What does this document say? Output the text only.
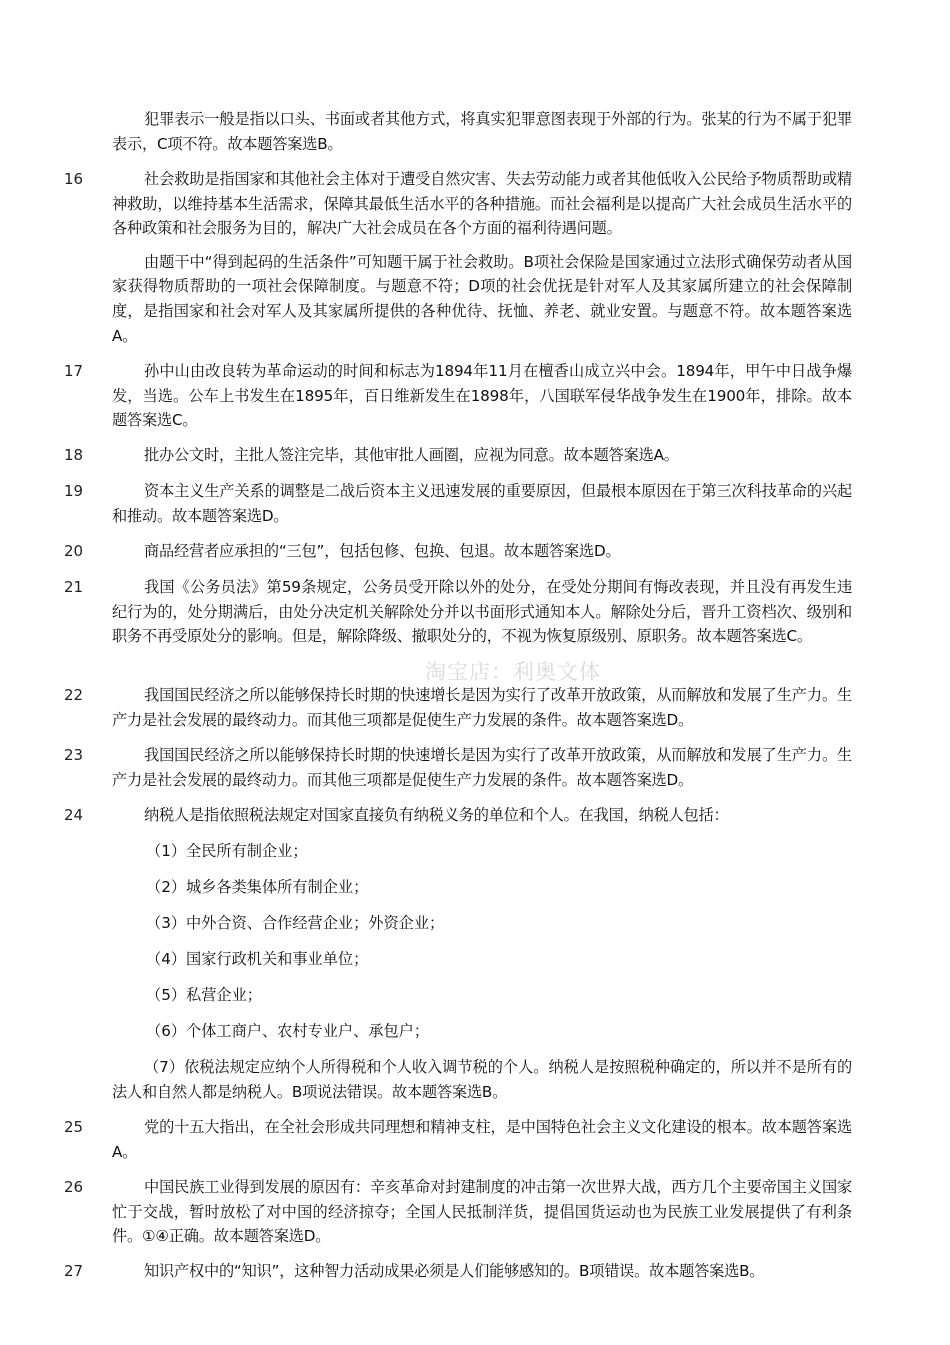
犯罪表示一般是指以口头、书面或者其他方式，将真实犯罪意图表现于外部的行为。张某的行为不属于犯罪表示，C项不符。故本题答案选B。

16	社会救助是指国家和其他社会主体对于遭受自然灾害、失去劳动能力或者其他低收入公民给予物质帮助或精神救助，以维持基本生活需求，保障其最低生活水平的各种措施。而社会福利是以提高广大社会成员生活水平的各种政策和社会服务为目的，解决广大社会成员在各个方面的福利待遇问题。

由题干中“得到起码的生活条件”可知题干属于社会救助。B项社会保险是国家通过立法形式确保劳动者从国家获得物质帮助的一项社会保障制度。与题意不符；D项的社会优抚是针对军人及其家属所建立的社会保障制度，是指国家和社会对军人及其家属所提供的各种优待、抚恤、养老、就业安置。与题意不符。故本题答案选A。

17	孙中山由改良转为革命运动的时间和标志为1894年11月在檀香山成立兴中会。1894年，甲午中日战争爆发，当选。公车上书发生在1895年，百日维新发生在1898年，八国联军侵华战争发生在1900年，排除。故本题答案选C。

18	批办公文时，主批人签注完毕，其他审批人画圈，应视为同意。故本题答案选A。

19	资本主义生产关系的调整是二战后资本主义迅速发展的重要原因，但最根本原因在于第三次科技革命的兴起和推动。故本题答案选D。

20	商品经营者应承担的“三包”，包括包修、包换、包退。故本题答案选D。

21	我国《公务员法》第59条规定，公务员受开除以外的处分，在受处分期间有悔改表现，并且没有再发生违纪行为的，处分期满后，由处分决定机关解除处分并以书面形式通知本人。解除处分后，晋升工资档次、级别和职务不再受原处分的影响。但是，解除降级、撤职处分的，不视为恢复原级别、原职务。故本题答案选C。

淘宝店：利奥文体
22	我国国民经济之所以能够保持长时期的快速增长是因为实行了改革开放政策，从而解放和发展了生产力。生产力是社会发展的最终动力。而其他三项都是促使生产力发展的条件。故本题答案选D。

23	我国国民经济之所以能够保持长时期的快速增长是因为实行了改革开放政策，从而解放和发展了生产力。生产力是社会发展的最终动力。而其他三项都是促使生产力发展的条件。故本题答案选D。

24	纳税人是指依照税法规定对国家直接负有纳税义务的单位和个人。在我国，纳税人包括：

（1）全民所有制企业；
（2）城乡各类集体所有制企业；
（3）中外合资、合作经营企业；外资企业；
（4）国家行政机关和事业单位；
（5）私营企业；
（6）个体工商户、农村专业户、承包户；

（7）依税法规定应纳个人所得税和个人收入调节税的个人。纳税人是按照税种确定的，所以并不是所有的法人和自然人都是纳税人。B项说法错误。故本题答案选B。

25	党的十五大指出，在全社会形成共同理想和精神支柱，是中国特色社会主义文化建设的根本。故本题答案选A。

26	中国民族工业得到发展的原因有：辛亥革命对封建制度的冲击第一次世界大战，西方几个主要帝国主义国家忙于交战，暂时放松了对中国的经济掠夺；全国人民抵制洋货，提倡国货运动也为民族工业发展提供了有利条件。①④正确。故本题答案选D。

27	知识产权中的“知识”，这种智力活动成果必须是人们能够感知的。B项错误。故本题答案选B。
